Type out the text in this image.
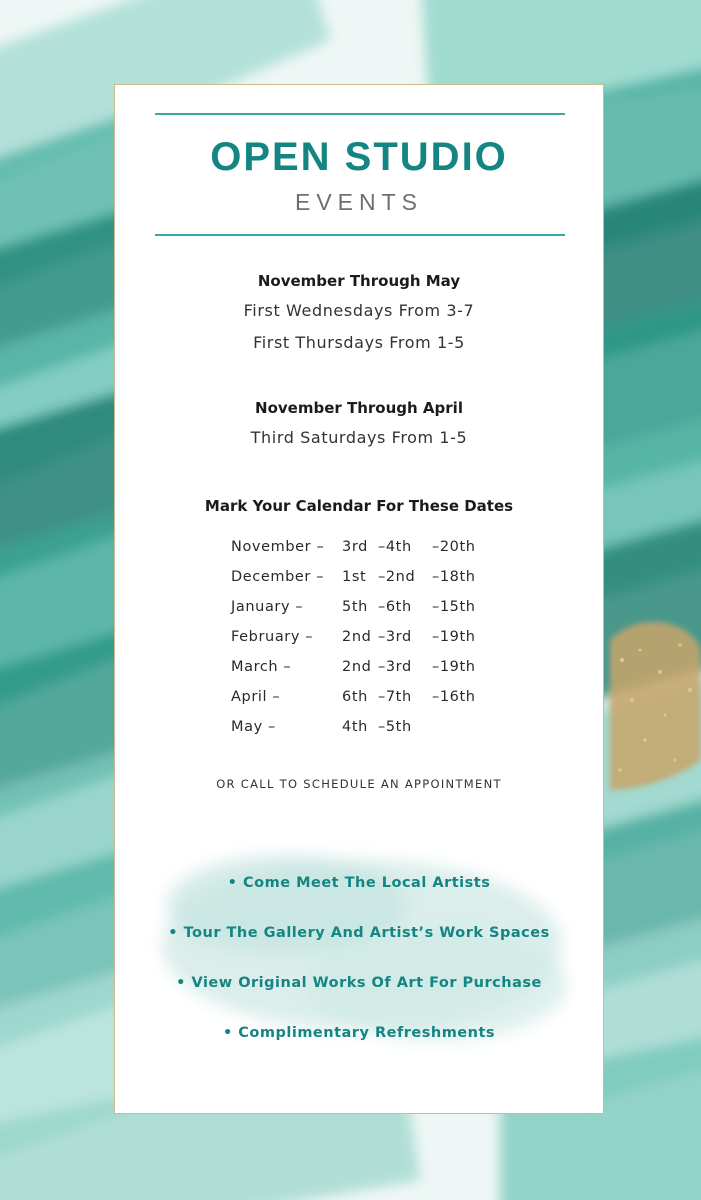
OPEN STUDIO
EVENTS
November Through May
First Wednesdays From 3-7
First Thursdays From 1-5
November Through April
Third Saturdays From 1-5
Mark Your Calendar For These Dates
November – 3rd –4th –20th
December – 1st –2nd –18th
January –	5th –6th –15th
February – 2nd –3rd –19th
March –	2nd –3rd –19th
April –	6th –7th –16th
May –	4th –5th
OR CALL TO SCHEDULE AN APPOINTMENT
• Come Meet The Local Artists
• Tour The Gallery And Artist’s Work Spaces
• View Original Works Of Art For Purchase
• Complimentary Refreshments
